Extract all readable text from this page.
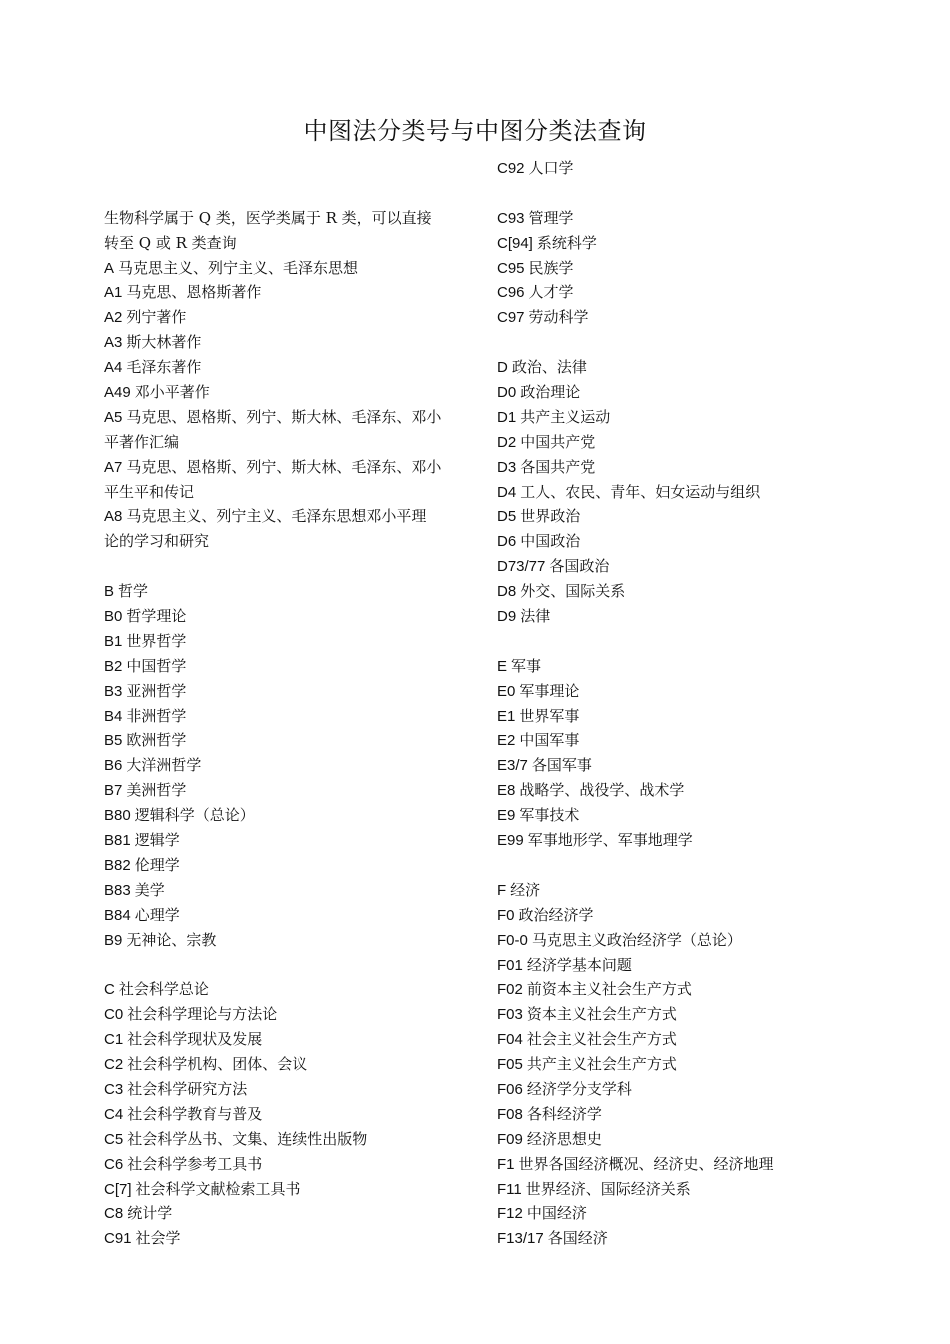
中图法分类号与中图分类法查询
生物科学属于 Q 类，医学类属于 R 类，可以直接
转至 Q 或 R 类查询
A 马克思主义、列宁主义、毛泽东思想
A1 马克思、恩格斯著作
A2 列宁著作
A3 斯大林著作
A4 毛泽东著作
A49 邓小平著作
A5 马克思、恩格斯、列宁、斯大林、毛泽东、邓小
平著作汇编
A7 马克思、恩格斯、列宁、斯大林、毛泽东、邓小
平生平和传记
A8 马克思主义、列宁主义、毛泽东思想邓小平理
论的学习和研究
B 哲学
B0 哲学理论
B1 世界哲学
B2 中国哲学
B3 亚洲哲学
B4 非洲哲学
B5 欧洲哲学
B6 大洋洲哲学
B7 美洲哲学
B80 逻辑科学（总论）
B81 逻辑学
B82 伦理学
B83 美学
B84 心理学
B9 无神论、宗教
C 社会科学总论
C0 社会科学理论与方法论
C1 社会科学现状及发展
C2 社会科学机构、团体、会议
C3 社会科学研究方法
C4 社会科学教育与普及
C5 社会科学丛书、文集、连续性出版物
C6 社会科学参考工具书
C[7] 社会科学文献检索工具书
C8 统计学
C91 社会学
C92 人口学
C93 管理学
C[94] 系统科学
C95 民族学
C96 人才学
C97 劳动科学
D 政治、法律
D0 政治理论
D1 共产主义运动
D2 中国共产党
D3 各国共产党
D4 工人、农民、青年、妇女运动与组织
D5 世界政治
D6 中国政治
D73/77 各国政治
D8 外交、国际关系
D9 法律
E 军事
E0 军事理论
E1 世界军事
E2 中国军事
E3/7 各国军事
E8 战略学、战役学、战术学
E9 军事技术
E99 军事地形学、军事地理学
F 经济
F0 政治经济学
F0-0 马克思主义政治经济学（总论）
F01 经济学基本问题
F02 前资本主义社会生产方式
F03 资本主义社会生产方式
F04 社会主义社会生产方式
F05 共产主义社会生产方式
F06 经济学分支学科
F08 各科经济学
F09 经济思想史
F1 世界各国经济概况、经济史、经济地理
F11 世界经济、国际经济关系
F12 中国经济
F13/17 各国经济
